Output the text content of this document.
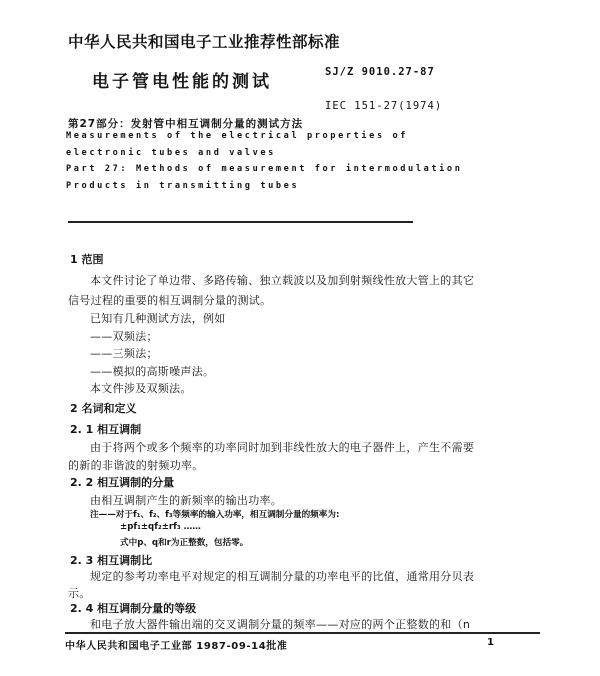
中华人民共和国电子工业推荐性部标准
电子管电性能的测试	SJ/Z 9010.27-87
IEC 151-27(1974)
第27部分：发射管中相互调制分量的测试方法
Measurements of the electrical properties of
electronic tubes and valves
Part 27: Methods of measurement for intermodulation
Products in transmitting tubes
1 范围
本文件讨论了单边带、多路传输、独立载波以及加到射频线性放大管上的其它
信号过程的重要的相互调制分量的测试。
已知有几种测试方法，例如
——双频法；
——三频法；
——模拟的高斯噪声法。
本文件涉及双频法。
2 名词和定义
2. 1 相互调制
由于将两个或多个频率的功率同时加到非线性放大的电子器件上，产生不需要
的新的非谐波的射频功率。
2. 2 相互调制的分量
由相互调制产生的新频率的输出功率。
注——对于f₁、f₂、f₃等频率的输入功率，相互调制分量的频率为:
±pf₁±qf₂±rf₃ ……
式中p、q和r为正整数，包括零。
2. 3 相互调制比
规定的参考功率电平对规定的相互调制分量的功率电平的比值，通常用分贝表
示。
2. 4 相互调制分量的等级
和电子放大器件输出端的交叉调制分量的频率——对应的两个正整数的和（n
中华人民共和国电子工业部 1987-09-14批准	1
